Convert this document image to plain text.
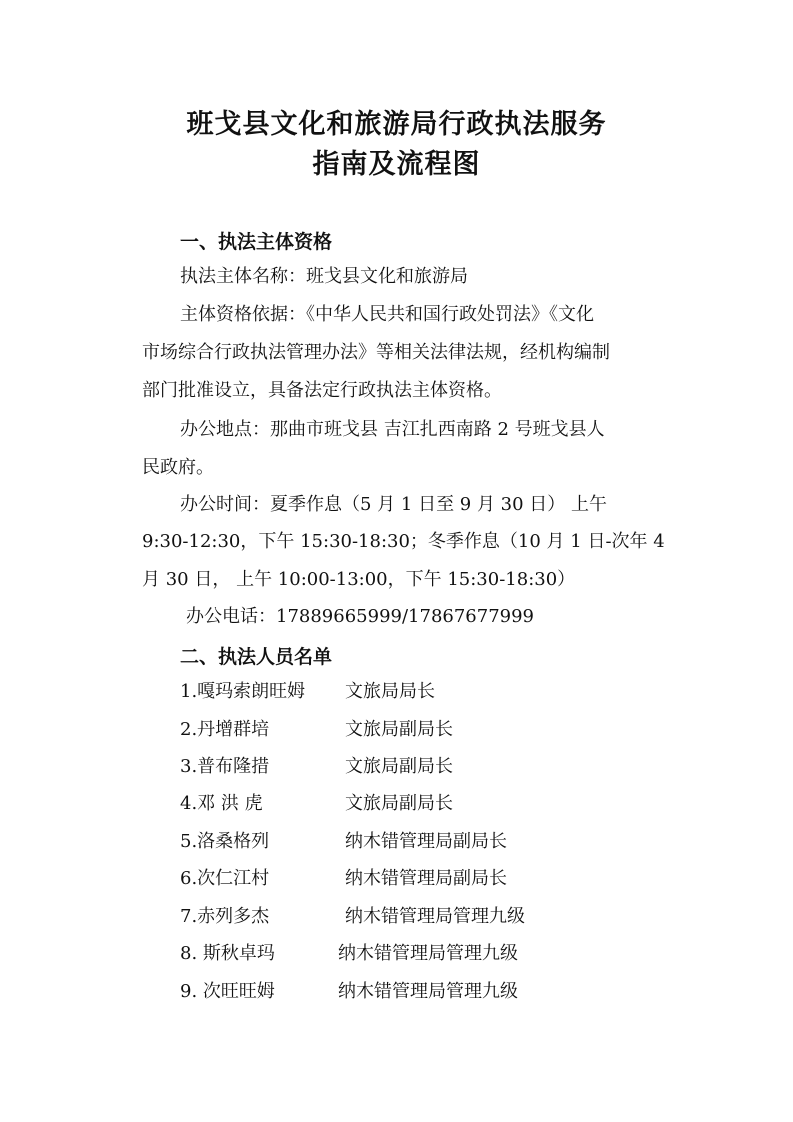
班戈县文化和旅游局行政执法服务
指南及流程图
一、执法主体资格
执法主体名称：班戈县文化和旅游局
主体资格依据：《中华人民共和国行政处罚法》《文化
市场综合行政执法管理办法》等相关法律法规，经机构编制
部门批准设立，具备法定行政执法主体资格。
办公地点：那曲市班戈县 吉江扎西南路 2 号班戈县人
民政府。
办公时间：夏季作息（5 月 1 日至 9 月 30 日） 上午
9:30-12:30，下午 15:30-18:30；冬季作息（10 月 1 日-次年 4
月 30 日， 上午 10:00-13:00，下午 15:30-18:30）
办公电话：17889665999/17867677999
二、执法人员名单
1.嘎玛索朗旺姆 文旅局局长
2.丹增群培	文旅局副局长
3.普布隆措	文旅局副局长
4.邓 洪 虎	文旅局副局长
5.洛桑格列	纳木错管理局副局长
6.次仁江村	纳木错管理局副局长
7.赤列多杰	纳木错管理局管理九级
8. 斯秋卓玛	纳木错管理局管理九级
9. 次旺旺姆	纳木错管理局管理九级
